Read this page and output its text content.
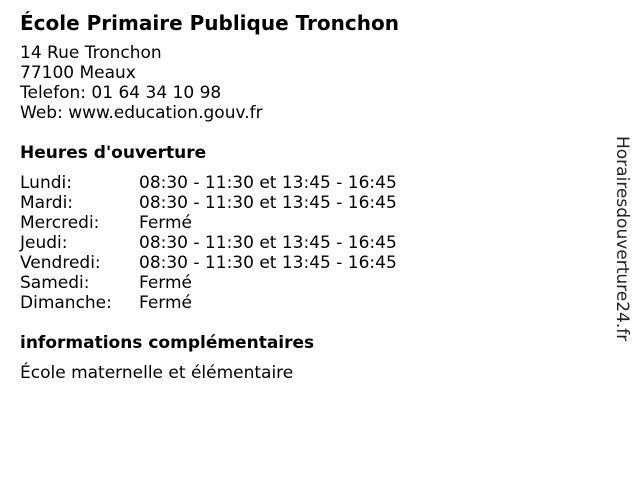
École Primaire Publique Tronchon
14 Rue Tronchon
77100 Meaux
Telefon: 01 64 34 10 98
Web: www.education.gouv.fr
Heures d'ouverture
Lundi:	08:30 - 11:30 et 13:45 - 16:45
Mardi:	08:30 - 11:30 et 13:45 - 16:45
Mercredi:	Fermé
Jeudi:	08:30 - 11:30 et 13:45 - 16:45
Vendredi:	08:30 - 11:30 et 13:45 - 16:45
Samedi:	Fermé
Dimanche:	Fermé
informations complémentaires
École maternelle et élémentaire
Horairesdouverture24.fr
